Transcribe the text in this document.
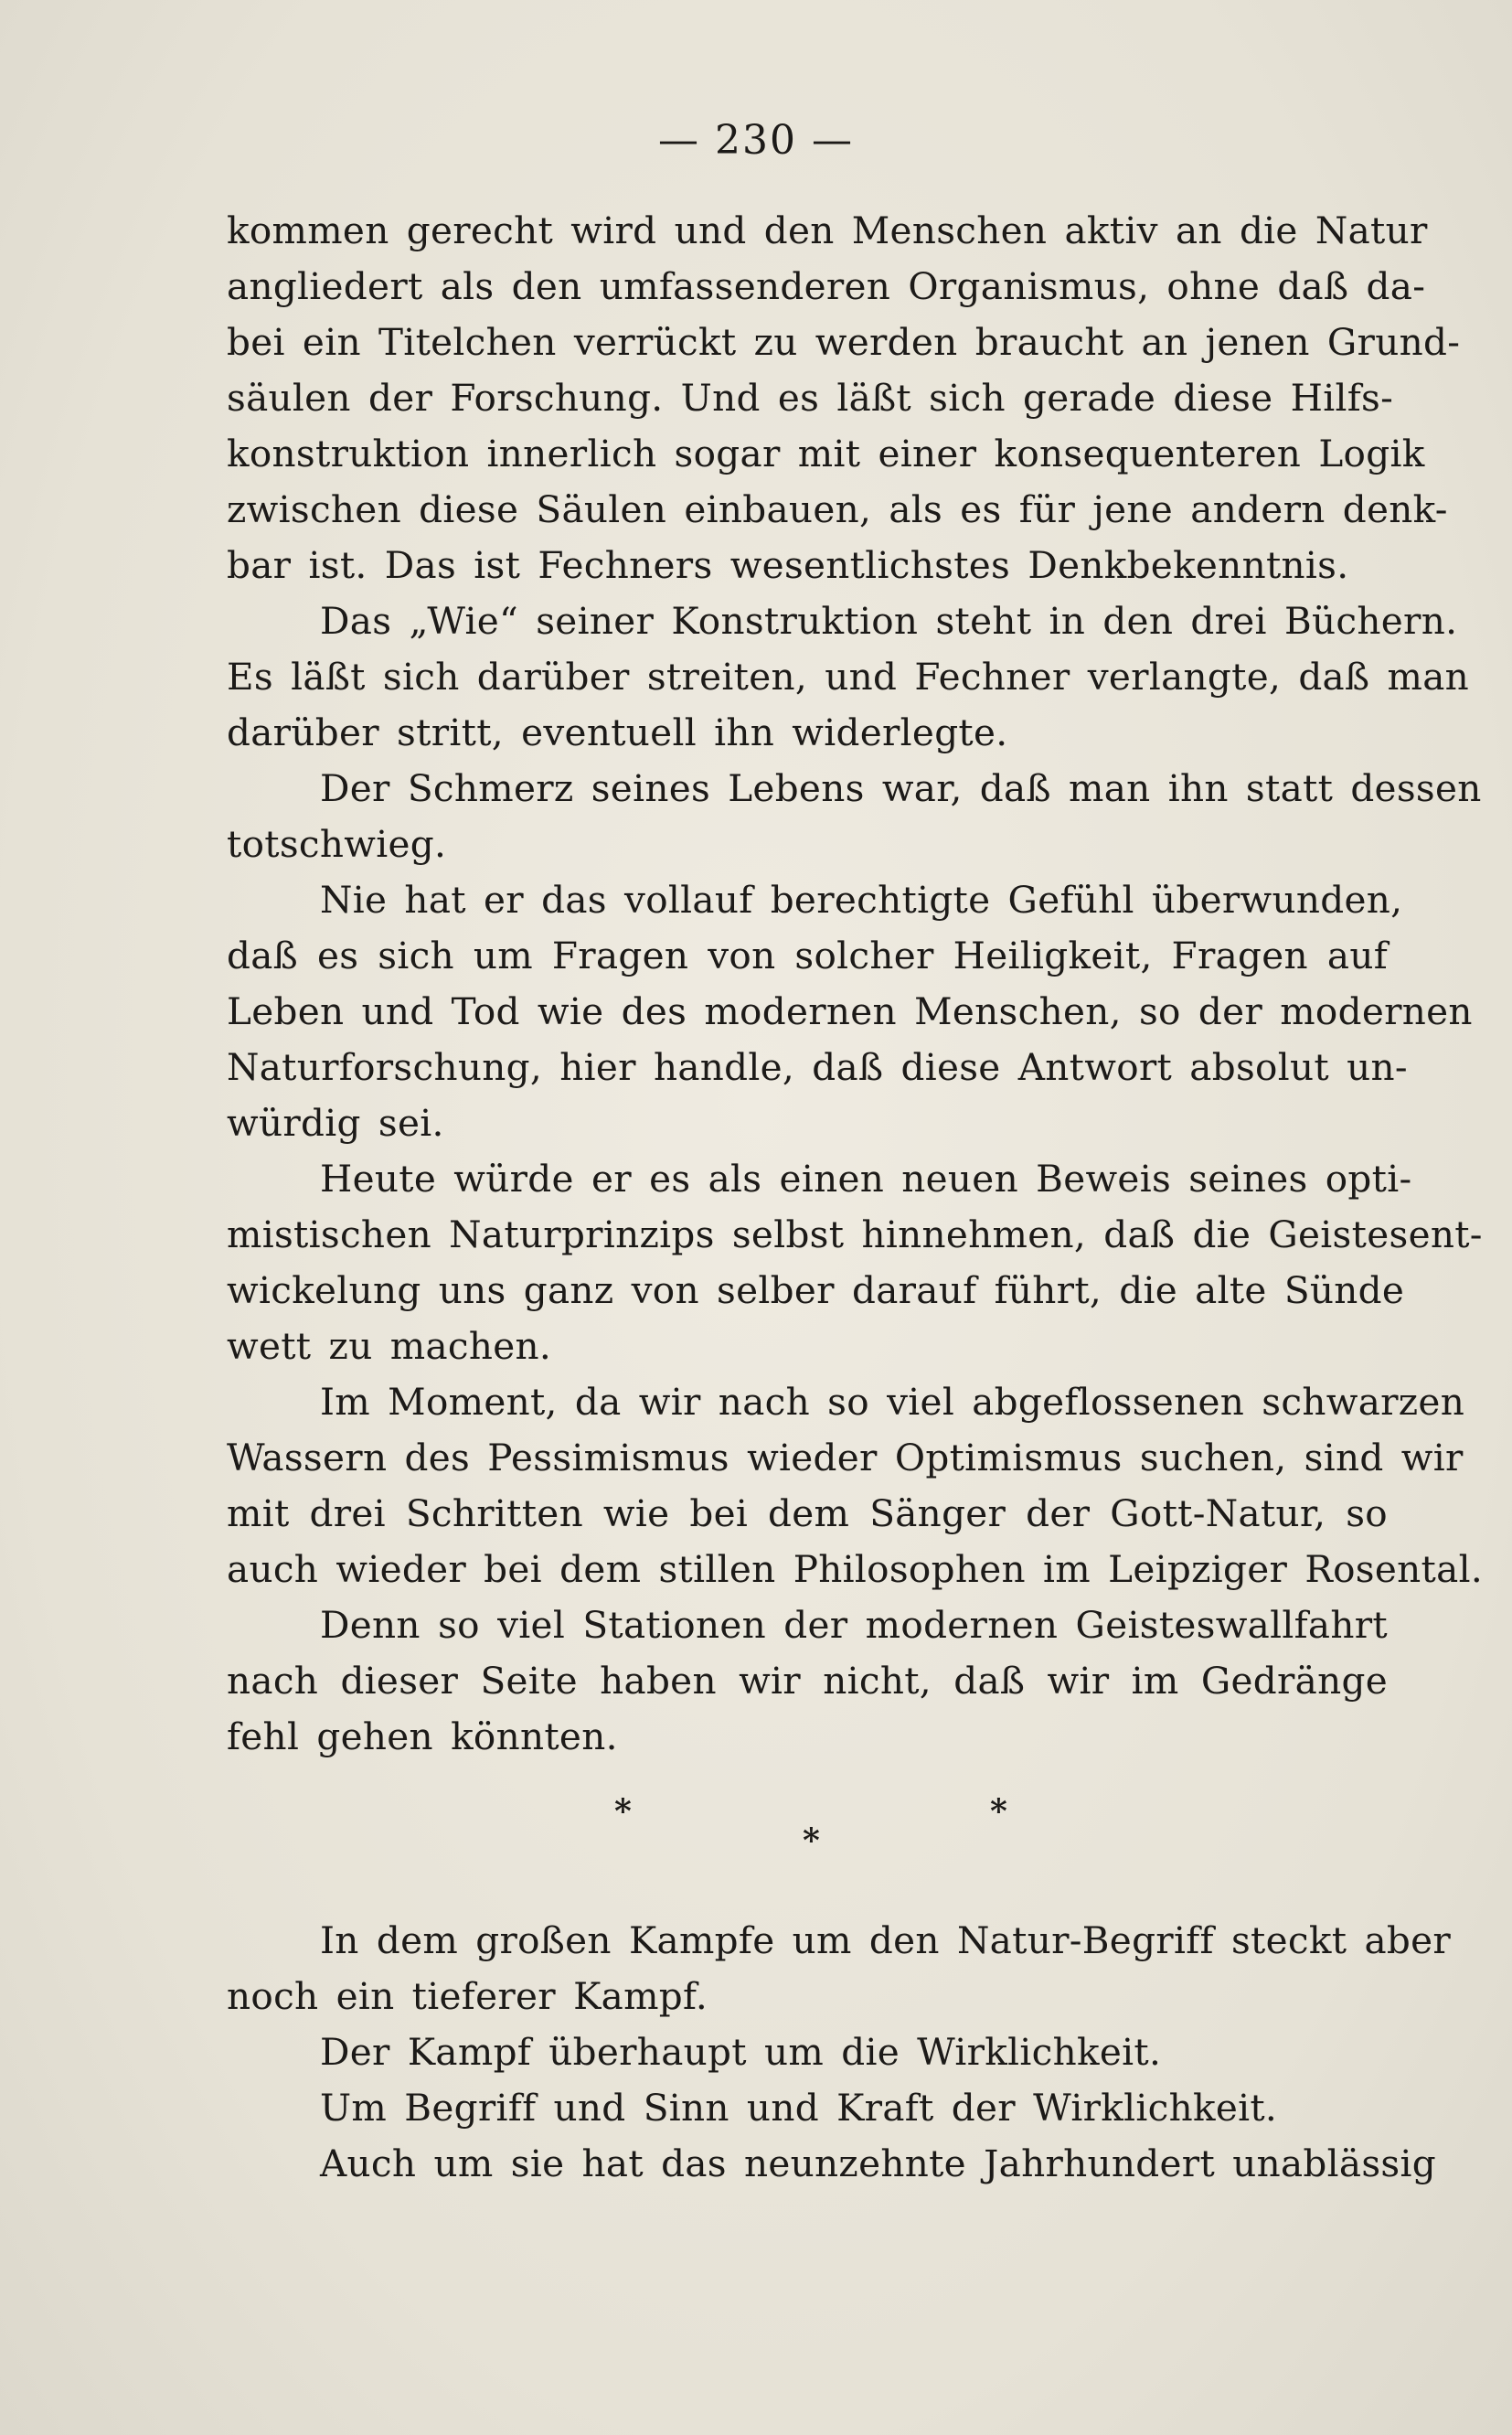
— 230 —
kommen gerecht wird und den Menschen aktiv an die Natur
angliedert als den umfassenderen Organismus, ohne daß da-
bei ein Titelchen verrückt zu werden braucht an jenen Grund-
säulen der Forschung. Und es läßt sich gerade diese Hilfs-
konstruktion innerlich sogar mit einer konsequenteren Logik
zwischen diese Säulen einbauen, als es für jene andern denk-
bar ist. Das ist Fechners wesentlichstes Denkbekenntnis.
Das „Wie“ seiner Konstruktion steht in den drei Büchern.
Es läßt sich darüber streiten, und Fechner verlangte, daß man
darüber stritt, eventuell ihn widerlegte.
Der Schmerz seines Lebens war, daß man ihn statt dessen
totschwieg.
Nie hat er das vollauf berechtigte Gefühl überwunden,
daß es sich um Fragen von solcher Heiligkeit, Fragen auf
Leben und Tod wie des modernen Menschen, so der modernen
Naturforschung, hier handle, daß diese Antwort absolut un-
würdig sei.
Heute würde er es als einen neuen Beweis seines opti-
mistischen Naturprinzips selbst hinnehmen, daß die Geistesent-
wickelung uns ganz von selber darauf führt, die alte Sünde
wett zu machen.
Im Moment, da wir nach so viel abgeflossenen schwarzen
Wassern des Pessimismus wieder Optimismus suchen, sind wir
mit drei Schritten wie bei dem Sänger der Gott-Natur, so
auch wieder bei dem stillen Philosophen im Leipziger Rosental.
Denn so viel Stationen der modernen Geisteswallfahrt
nach dieser Seite haben wir nicht, daß wir im Gedränge
fehl gehen könnten.
*
*
*
In dem großen Kampfe um den Natur-Begriff steckt aber
noch ein tieferer Kampf.
Der Kampf überhaupt um die Wirklichkeit.
Um Begriff und Sinn und Kraft der Wirklichkeit.
Auch um sie hat das neunzehnte Jahrhundert unablässig
